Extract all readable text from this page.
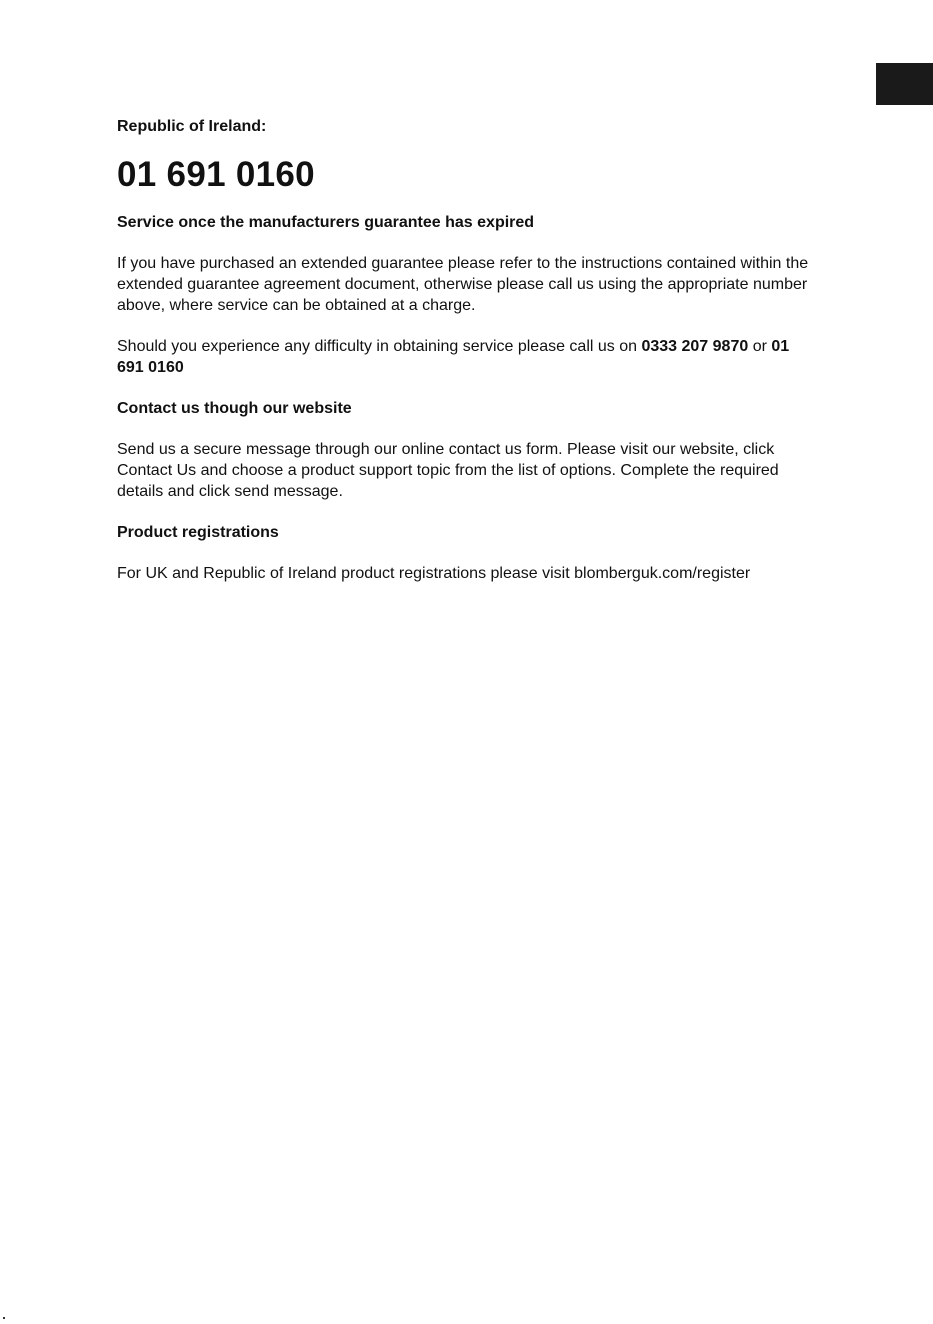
Republic of Ireland:

01 691 0160

Service once the manufacturers guarantee has expired

If you have purchased an extended guarantee please refer to the instructions contained within the extended guarantee agreement document, otherwise please call us using the appropriate number above, where service can be obtained at a charge.

Should you experience any difficulty in obtaining service please call us on 0333 207 9870 or 01 691 0160

Contact us though our website

Send us a secure message through our online contact us form. Please visit our website, click Contact Us and choose a product support topic from the list of options. Complete the required details and click send message.

Product registrations

For UK and Republic of Ireland product registrations please visit blomberguk.com/register
